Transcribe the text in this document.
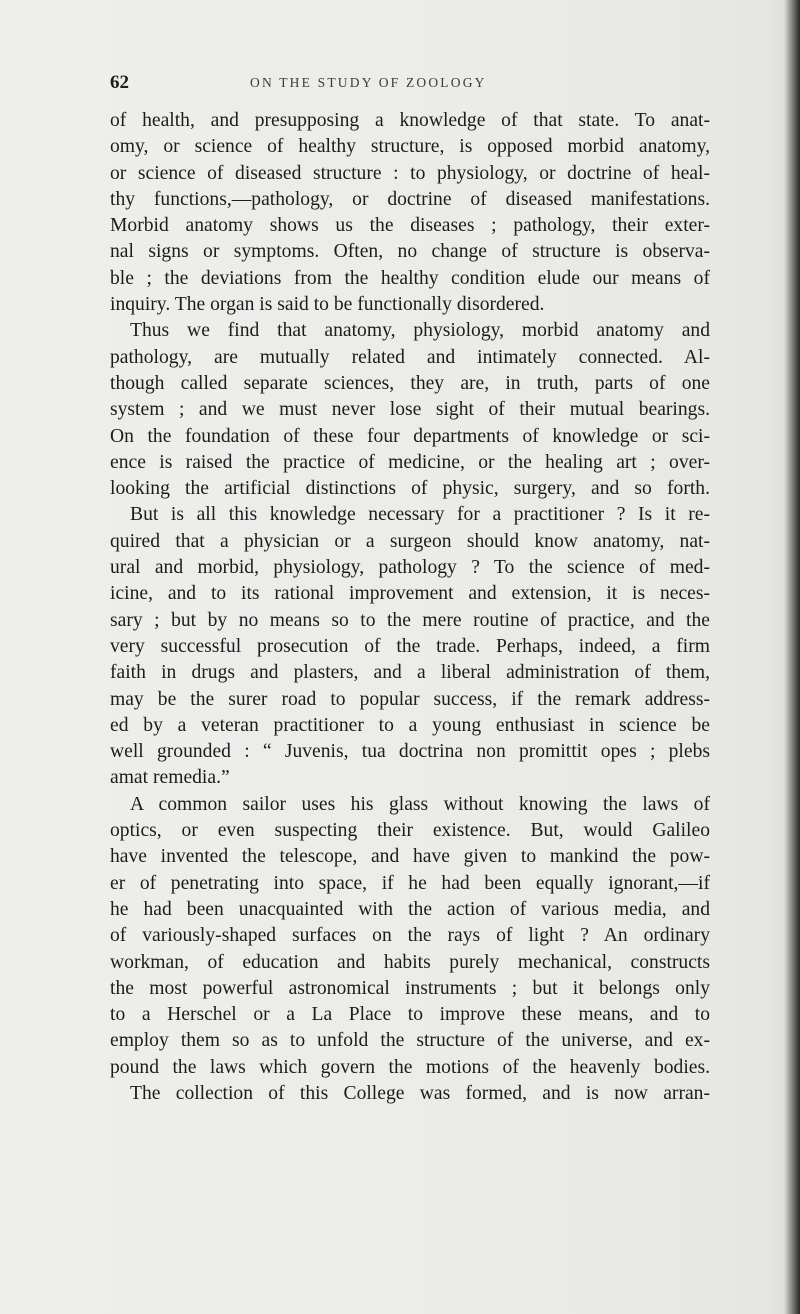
62	ON THE STUDY OF ZOOLOGY
of health, and presupposing a knowledge of that state. To anat-
omy, or science of healthy structure, is opposed morbid anatomy,
or science of diseased structure : to physiology, or doctrine of heal-
thy functions,—pathology, or doctrine of diseased manifestations.
Morbid anatomy shows us the diseases ; pathology, their exter-
nal signs or symptoms. Often, no change of structure is observa-
ble ; the deviations from the healthy condition elude our means of
inquiry. The organ is said to be functionally disordered.
Thus we find that anatomy, physiology, morbid anatomy and
pathology, are mutually related and intimately connected. Al-
though called separate sciences, they are, in truth, parts of one
system ; and we must never lose sight of their mutual bearings.
On the foundation of these four departments of knowledge or sci-
ence is raised the practice of medicine, or the healing art ; over-
looking the artificial distinctions of physic, surgery, and so forth.
But is all this knowledge necessary for a practitioner ? Is it re-
quired that a physician or a surgeon should know anatomy, nat-
ural and morbid, physiology, pathology ? To the science of med-
icine, and to its rational improvement and extension, it is neces-
sary ; but by no means so to the mere routine of practice, and the
very successful prosecution of the trade. Perhaps, indeed, a firm
faith in drugs and plasters, and a liberal administration of them,
may be the surer road to popular success, if the remark address-
ed by a veteran practitioner to a young enthusiast in science be
well grounded : “ Juvenis, tua doctrina non promittit opes ; plebs
amat remedia.”
A common sailor uses his glass without knowing the laws of
optics, or even suspecting their existence. But, would Galileo
have invented the telescope, and have given to mankind the pow-
er of penetrating into space, if he had been equally ignorant,—if
he had been unacquainted with the action of various media, and
of variously-shaped surfaces on the rays of light ? An ordinary
workman, of education and habits purely mechanical, constructs
the most powerful astronomical instruments ; but it belongs only
to a Herschel or a La Place to improve these means, and to
employ them so as to unfold the structure of the universe, and ex-
pound the laws which govern the motions of the heavenly bodies.
The collection of this College was formed, and is now arran-
